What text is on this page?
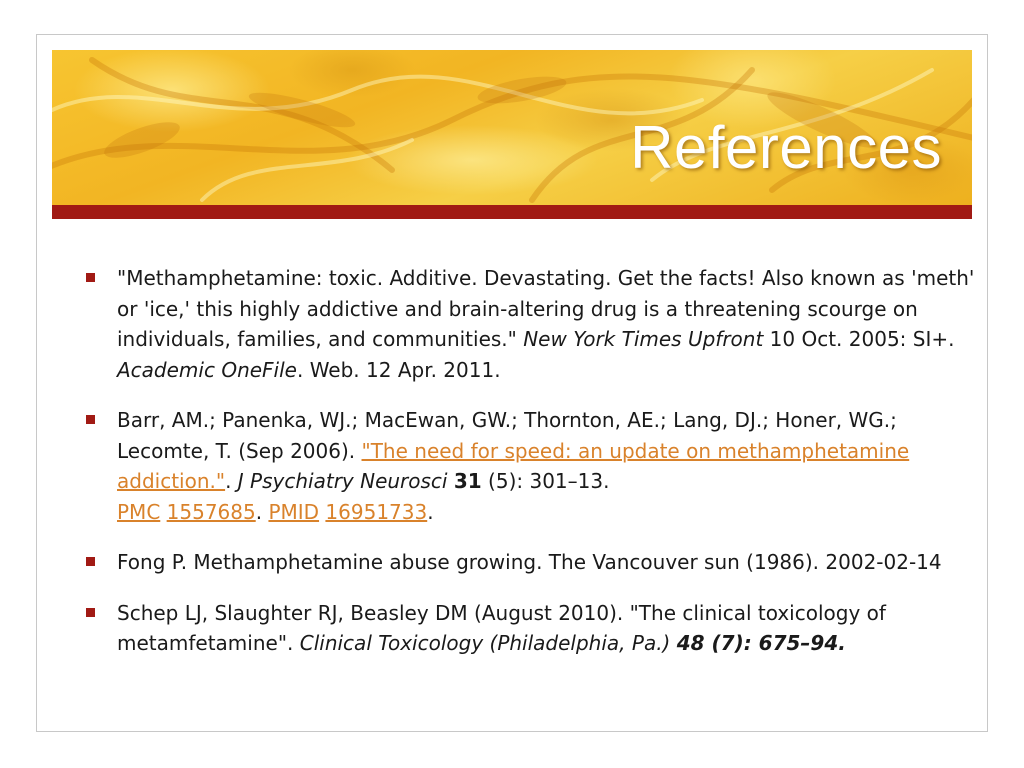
References
"Methamphetamine: toxic. Additive. Devastating. Get the facts! Also known as 'meth' or 'ice,' this highly addictive and brain-altering drug is a threatening scourge on individuals, families, and communities." New York Times Upfront 10 Oct. 2005: SI+. Academic OneFile. Web. 12 Apr. 2011.
Barr, AM.; Panenka, WJ.; MacEwan, GW.; Thornton, AE.; Lang, DJ.; Honer, WG.; Lecomte, T. (Sep 2006). "The need for speed: an update on methamphetamine addiction.". J Psychiatry Neurosci 31 (5): 301–13.
PMC 1557685. PMID 16951733.
Fong P. Methamphetamine abuse growing. The Vancouver sun (1986). 2002-02-14
Schep LJ, Slaughter RJ, Beasley DM (August 2010). "The clinical toxicology of metamfetamine". Clinical Toxicology (Philadelphia, Pa.) 48 (7): 675–94.
